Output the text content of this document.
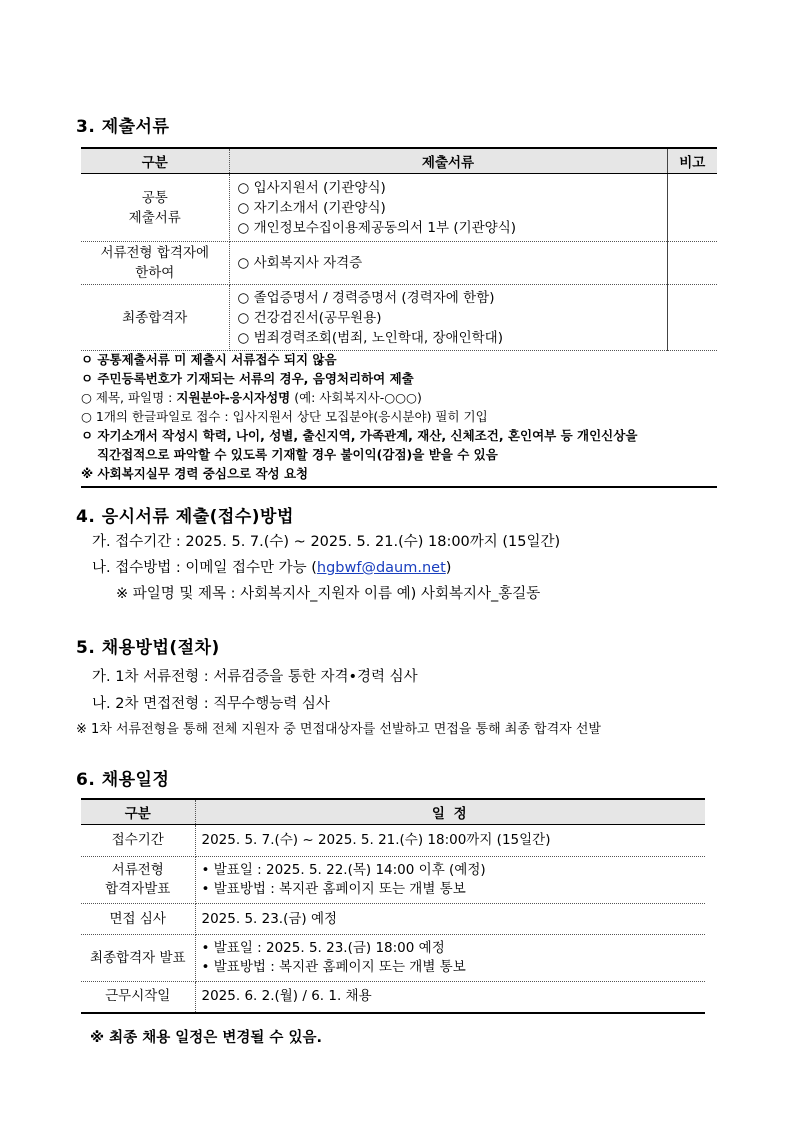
3. 제출서류
구분	제출서류	비고

공통
제출서류	○ 입사지원서 (기관양식)
○ 자기소개서 (기관양식)
○ 개인정보수집이용제공동의서 1부 (기관양식)	

서류전형 합격자에
한하여	○ 사회복지사 자격증	

최종합격자	○ 졸업증명서 / 경력증명서 (경력자에 한함)
○ 건강검진서(공무원용)
○ 범죄경력조회(범죄, 노인학대, 장애인학대)	

ㅇ 공통제출서류 미 제출시 서류접수 되지 않음
ㅇ 주민등록번호가 기재되는 서류의 경우, 음영처리하여 제출
○ 제목, 파일명 : 지원분야-응시자성명 (예: 사회복지사-○○○)
○ 1개의 한글파일로 접수 : 입사지원서 상단 모집분야(응시분야) 필히 기입
ㅇ 자기소개서 작성시 학력, 나이, 성별, 출신지역, 가족관계, 재산, 신체조건, 혼인여부 등 개인신상을
직간접적으로 파악할 수 있도록 기재할 경우 불이익(감점)을 받을 수 있음
※ 사회복지실무 경력 중심으로 작성 요청
4. 응시서류 제출(접수)방법
가. 접수기간 : 2025. 5. 7.(수) ~ 2025. 5. 21.(수) 18:00까지 (15일간)
나. 접수방법 : 이메일 접수만 가능 (hgbwf@daum.net)
※ 파일명 및 제목 : 사회복지사_지원자 이름 예) 사회복지사_홍길동
5. 채용방법(절차)
가. 1차 서류전형 : 서류검증을 통한 자격•경력 심사
나. 2차 면접전형 : 직무수행능력 심사
※ 1차 서류전형을 통해 전체 지원자 중 면접대상자를 선발하고 면접을 통해 최종 합격자 선발
6. 채용일정
구분	일 정
접수기간	2025. 5. 7.(수) ~ 2025. 5. 21.(수) 18:00까지 (15일간)

서류전형
합격자발표	• 발표일 : 2025. 5. 22.(목) 14:00 이후 (예정)
• 발표방법 : 복지관 홈페이지 또는 개별 통보

면접 심사	2025. 5. 23.(금) 예정
최종합격자 발표	• 발표일 : 2025. 5. 23.(금) 18:00 예정
• 발표방법 : 복지관 홈페이지 또는 개별 통보

근무시작일	2025. 6. 2.(월) / 6. 1. 채용
※ 최종 채용 일정은 변경될 수 있음.
